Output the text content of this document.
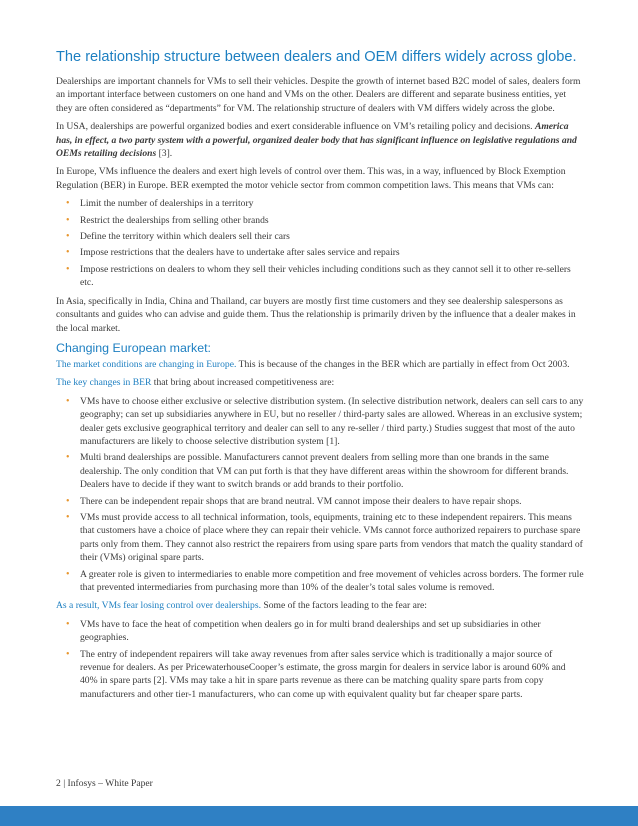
The relationship structure between dealers and OEM differs widely across globe.

Dealerships are important channels for VMs to sell their vehicles. Despite the growth of internet based B2C model of sales, dealers form an important interface between customers on one hand and VMs on the other. Dealers are different and separate business entities, yet they are often considered as “departments” for VM. The relationship structure of dealers with VM differs widely across the globe.

In USA, dealerships are powerful organized bodies and exert considerable influence on VM’s retailing policy and decisions. America has, in effect, a two party system with a powerful, organized dealer body that has significant influence on legislative regulations and OEMs retailing decisions [3].

In Europe, VMs influence the dealers and exert high levels of control over them. This was, in a way, influenced by Block Exemption Regulation (BER) in Europe. BER exempted the motor vehicle sector from common competition laws. This means that VMs can:

• Limit the number of dealerships in a territory
• Restrict the dealerships from selling other brands
• Define the territory within which dealers sell their cars
• Impose restrictions that the dealers have to undertake after sales service and repairs
• Impose restrictions on dealers to whom they sell their vehicles including conditions such as they cannot sell it to other re-sellers etc.

In Asia, specifically in India, China and Thailand, car buyers are mostly first time customers and they see dealership salespersons as consultants and guides who can advise and guide them. Thus the relationship is primarily driven by the influence that a dealer makes in the local market.

Changing European market:

The market conditions are changing in Europe. This is because of the changes in the BER which are partially in effect from Oct 2003.

The key changes in BER that bring about increased competitiveness are:

• VMs have to choose either exclusive or selective distribution system. (In selective distribution network, dealers can sell cars to any geography; can set up subsidiaries anywhere in EU, but no reseller / third-party sales are allowed. Whereas in an exclusive system; dealer gets exclusive geographical territory and dealer can sell to any re-seller / third party.) Studies suggest that most of the auto manufacturers are likely to choose selective distribution system [1].
• Multi brand dealerships are possible. Manufacturers cannot prevent dealers from selling more than one brands in the same dealership. The only condition that VM can put forth is that they have different areas within the showroom for different brands. Dealers have to decide if they want to switch brands or add brands to their portfolio.
• There can be independent repair shops that are brand neutral. VM cannot impose their dealers to have repair shops.
• VMs must provide access to all technical information, tools, equipments, training etc to these independent repairers. This means that customers have a choice of place where they can repair their vehicle. VMs cannot force authorized repairers to purchase spare parts only from them. They cannot also restrict the repairers from using spare parts from vendors that match the quality standard of their (VMs) original spare parts.
• A greater role is given to intermediaries to enable more competition and free movement of vehicles across borders. The former rule that prevented intermediaries from purchasing more than 10% of the dealer’s total sales volume is removed.

As a result, VMs fear losing control over dealerships. Some of the factors leading to the fear are:

• VMs have to face the heat of competition when dealers go in for multi brand dealerships and set up subsidiaries in other geographies.
• The entry of independent repairers will take away revenues from after sales service which is traditionally a major source of revenue for dealers. As per PricewaterhouseCooper’s estimate, the gross margin for dealers in service labor is around 60% and 40% in spare parts [2]. VMs may take a hit in spare parts revenue as there can be matching quality spare parts from copy manufacturers and other tier-1 manufacturers, who can come up with equivalent quality but far cheaper spare parts.
2 | Infosys – White Paper
